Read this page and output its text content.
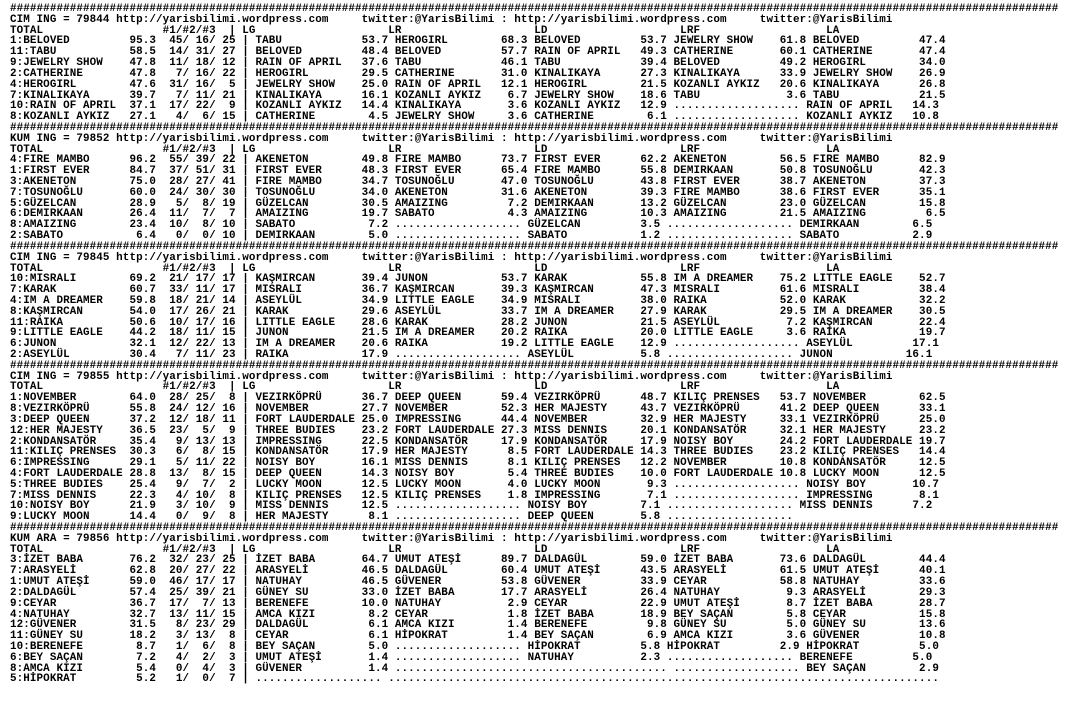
##############################################################################################################################################################
CIM ING = 79844 http://yarisbilimi.wordpress.com     twitter:@YarisBilimi : http://yarisbilimi.wordpress.com     twitter:@YarisBilimi
TOTAL                  #1/#2/#3  | LG                    LR                    LD                    LRF                   LA
1:BELOVED         95.3  45/ 16/ 25 | TABU            53.7 HEROGIRL        68.3 BELOVED         53.7 JEWELRY SHOW    61.8 BELOVED         47.4
11:TABU           58.5  14/ 31/ 27 | BELOVED         48.4 BELOVED         57.7 RAIN OF APRIL   49.3 CATHERINE       60.1 CATHERINE       47.4
9:JEWELRY SHOW    47.8  11/ 18/ 12 | RAIN OF APRIL   37.6 TABU            46.1 TABU            39.4 BELOVED         49.2 HEROGIRL        34.0
2:CATHERINE       47.8   7/ 16/ 22 | HEROGIRL        29.5 CATHERINE       31.0 KINALIKAYA      27.3 KINALIKAYA      33.9 JEWELRY SHOW    26.9
4:HEROGIRL        47.6  31/ 16/  5 | JEWELRY SHOW    25.0 RAIN OF APRIL   12.1 HEROGIRL        21.5 KOZANLI AYKIZ   20.6 KINALIKAYA      26.8
7:KINALIKAYA      39.7   7/ 11/ 21 | KINALIKAYA      16.1 KOZANLI AYKIZ    6.7 JEWELRY SHOW    18.6 TABU             3.6 TABU            21.5
10:RAIN OF APRIL  37.1  17/ 22/  9 | KOZANLI AYKIZ   14.4 KINALIKAYA       3.6 KOZANLI AYKIZ   12.9 ................... RAIN OF APRIL   14.3
8:KOZANLI AYKIZ   27.1   4/  6/ 15 | CATHERINE        4.5 JEWELRY SHOW     3.6 CATHERINE        6.1 ................... KOZANLI AYKIZ   10.8

##############################################################################################################################################################
KUM ING = 79852 http://yarisbilimi.wordpress.com     twitter:@YarisBilimi : http://yarisbilimi.wordpress.com     twitter:@YarisBilimi
TOTAL                  #1/#2/#3  | LG                    LR                    LD                    LRF                   LA
4:FIRE MAMBO      96.2  55/ 39/ 22 | AKENETON        49.8 FIRE MAMBO      73.7 FIRST EVER      62.2 AKENETON        56.5 FIRE MAMBO      82.9
1:FIRST EVER      84.7  37/ 51/ 31 | FIRST EVER      48.3 FIRST EVER      65.4 FIRE MAMBO      55.8 DEMIRKAAN       50.8 TOSUNOĞLU       42.3
3:AKENETON        75.0  28/ 27/ 41 | FIRE MAMBO      34.7 TOSUNOĞLU       47.0 TOSUNOĞLU       43.8 FIRST EVER      38.7 AKENETON        37.3
7:TOSUNOĞLU       60.0  24/ 30/ 30 | TOSUNOĞLU       34.0 AKENETON        31.6 AKENETON        39.3 FIRE MAMBO      38.6 FIRST EVER      35.1
5:GÜZELCAN        28.9   5/  8/ 19 | GÜZELCAN        30.5 AMAIZING         7.2 DEMIRKAAN       13.2 GÜZELCAN        23.0 GÜZELCAN        15.8
6:DEMIRKAAN       26.4  11/  7/  7 | AMAIZING        19.7 SABATO           4.3 AMAIZING        10.3 AMAIZING        21.5 AMAIZING         6.5
8:AMAIZING        23.4  10/  8/ 10 | SABATO           7.2 ................... GÜZELCAN         3.5 ................... DEMIRKAAN        6.5
2:SABATO           6.4   0/  0/ 10 | DEMIRKAAN        5.0 ................... SABATO           1.2 ................... SABATO           2.9

##############################################################################################################################################################
CIM ING = 79845 http://yarisbilimi.wordpress.com     twitter:@YarisBilimi : http://yarisbilimi.wordpress.com     twitter:@YarisBilimi
TOTAL                  #1/#2/#3  | LG                    LR                    LD                    LRF                   LA
10:MISRALI        69.2  21/ 17/ 17 | KAŞMIRCAN       39.4 JUNON           53.7 KARAK           55.8 IM A DREAMER    75.2 LITTLE EAGLE    52.7
7:KARAK           60.7  33/ 11/ 17 | MISRALI         36.7 KAŞMIRCAN       39.3 KAŞMIRCAN       47.3 MISRALI         61.6 MISRALI         38.4
4:IM A DREAMER    59.8  18/ 21/ 14 | ASEYLÜL         34.9 LITTLE EAGLE    34.9 MISRALI         38.0 RAIKA           52.0 KARAK           32.2
8:KAŞMIRCAN       54.0  17/ 26/ 21 | KARAK           29.6 ASEYLÜL         33.7 IM A DREAMER    27.9 KARAK           29.5 IM A DREAMER    30.5
11:RAIKA          50.6  10/ 17/ 16 | LITTLE EAGLE    28.6 KARAK           28.2 JUNON           21.5 ASEYLÜL          7.2 KAŞMIRCAN       22.4
9:LITTLE EAGLE    44.2  18/ 11/ 15 | JUNON           21.5 IM A DREAMER    20.2 RAIKA           20.0 LITTLE EAGLE     3.6 RAIKA           19.7
6:JUNON           32.1  12/ 22/ 13 | IM A DREAMER    20.6 RAIKA           19.2 LITTLE EAGLE    12.9 ................... ASEYLÜL         17.1
2:ASEYLÜL         30.4   7/ 11/ 23 | RAIKA           17.9 ................... ASEYLÜL          5.8 ................... JUNON           16.1

##############################################################################################################################################################
CIM ING = 79855 http://yarisbilimi.wordpress.com     twitter:@YarisBilimi : http://yarisbilimi.wordpress.com     twitter:@YarisBilimi
TOTAL                  #1/#2/#3  | LG                    LR                    LD                    LRF                   LA
1:NOVEMBER        64.0  28/ 25/  8 | VEZIRKÖPRÜ      36.7 DEEP QUEEN      59.4 VEZIRKÖPRÜ      48.7 KILIÇ PRENSES   53.7 NOVEMBER        62.5
8:VEZIRKÖPRÜ      55.8  24/ 12/ 16 | NOVEMBER        27.7 NOVEMBER        52.3 HER MAJESTY     43.7 VEZIRKÖPRÜ      41.2 DEEP QUEEN      33.1
3:DEEP QUEEN      37.2  12/ 18/ 11 | FORT LAUDERDALE 25.0 IMPRESSING      44.4 NOVEMBER        32.9 HER MAJESTY     33.1 VEZIRKÖPRÜ      25.0
12:HER MAJESTY    36.5  23/  5/  9 | THREE BUDIES    23.2 FORT LAUDERDALE 27.3 MISS DENNIS     20.1 KONDANSATÖR     32.1 HER MAJESTY     23.2
2:KONDANSATÖR     35.4   9/ 13/ 13 | IMPRESSING      22.5 KONDANSATÖR     17.9 KONDANSATÖR     17.9 NOISY BOY       24.2 FORT LAUDERDALE 19.7
11:KILIÇ PRENSES  30.3   6/  8/ 15 | KONDANSATÖR     17.9 HER MAJESTY      8.5 FORT LAUDERDALE 14.3 THREE BUDIES    23.2 KILIÇ PRENSES   14.4
6:IMPRESSING      29.1   5/ 11/ 22 | NOISY BOY       16.1 MISS DENNIS      8.1 KILIÇ PRENSES   12.2 NOVEMBER        10.8 KONDANSATÖR     12.5
4:FORT LAUDERDALE 28.8  13/  8/ 15 | DEEP QUEEN      14.3 NOISY BOY        5.4 THREE BUDIES    10.0 FORT LAUDERDALE 10.8 LUCKY MOON      12.5
5:THREE BUDIES    25.4   9/  7/  2 | LUCKY MOON      12.5 LUCKY MOON       4.0 LUCKY MOON       9.3 ................... NOISY BOY       10.7
7:MISS DENNIS     22.3   4/ 10/  8 | KILIÇ PRENSES   12.5 KILIÇ PRENSES    1.8 IMPRESSING       7.1 ................... IMPRESSING       8.1
10:NOISY BOY      21.9   3/ 10/  9 | MISS DENNIS     12.5 ................... NOISY BOY        7.1 ................... MISS DENNIS      7.2
9:LUCKY MOON      14.4   0/  9/  8 | HER MAJESTY      8.1 ................... DEEP QUEEN       5.8 ...................

##############################################################################################################################################################
KUM ARA = 79856 http://yarisbilimi.wordpress.com     twitter:@YarisBilimi : http://yarisbilimi.wordpress.com     twitter:@YarisBilimi
TOTAL                  #1/#2/#3  | LG                    LR                    LD                    LRF                   LA
3:İZET BABA       76.2  32/ 23/ 25 | İZET BABA       64.7 UMUT ATEŞİ      89.7 DALDAGÜL        59.0 İZET BABA       73.6 DALDAGÜL        44.4
7:ARASYELİ        62.8  20/ 27/ 22 | ARASYELİ        46.5 DALDAGÜL        60.4 UMUT ATEŞİ      43.5 ARASYELİ        61.5 UMUT ATEŞİ      40.1
1:UMUT ATEŞİ      59.0  46/ 17/ 17 | NATUHAY         46.5 GÜVENER         53.8 GÜVENER         33.9 CEYAR           58.8 NATUHAY         33.6
2:DALDAGÜL        57.4  25/ 39/ 21 | GÜNEY SU        33.0 İZET BABA       17.7 ARASYELİ        26.4 NATUHAY          9.3 ARASYELİ        29.3
9:CEYAR           36.7  17/  7/ 13 | BERENEFE        10.0 NATUHAY          2.9 CEYAR           22.9 UMUT ATEŞİ       8.7 İZET BABA       28.7
4:NATUHAY         32.7  13/ 11/ 15 | AMCA KIZI        8.2 CEYAR            1.8 İZET BABA       18.9 BEY SAÇAN        5.8 CEYAR           15.8
12:GÜVENER        31.5   8/ 23/ 29 | DALDAGÜL         6.1 AMCA KIZI        1.4 BERENEFE         9.8 GÜNEY SU         5.0 GÜNEY SU        13.6
11:GÜNEY SU       18.2   3/ 13/  8 | CEYAR            6.1 HİPOKRAT         1.4 BEY SAÇAN        6.9 AMCA KIZI        3.6 GÜVENER         10.8
10:BERENEFE        8.7   1/  6/  8 | BEY SAÇAN        5.0 ................... HİPOKRAT         5.8 HİPOKRAT         2.9 HİPOKRAT         5.0
6:BEY SAÇAN        7.2   4/  2/  3 | UMUT ATEŞİ       1.4 ................... NATUHAY          2.3 ................... BERENEFE         5.0
8:AMCA KIZI        5.4   0/  4/  3 | GÜVENER          1.4 ......................................... ................... BEY SAÇAN        2.9
5:HİPOKRAT         5.2   1/  0/  7 | ................... ...................................................................................
